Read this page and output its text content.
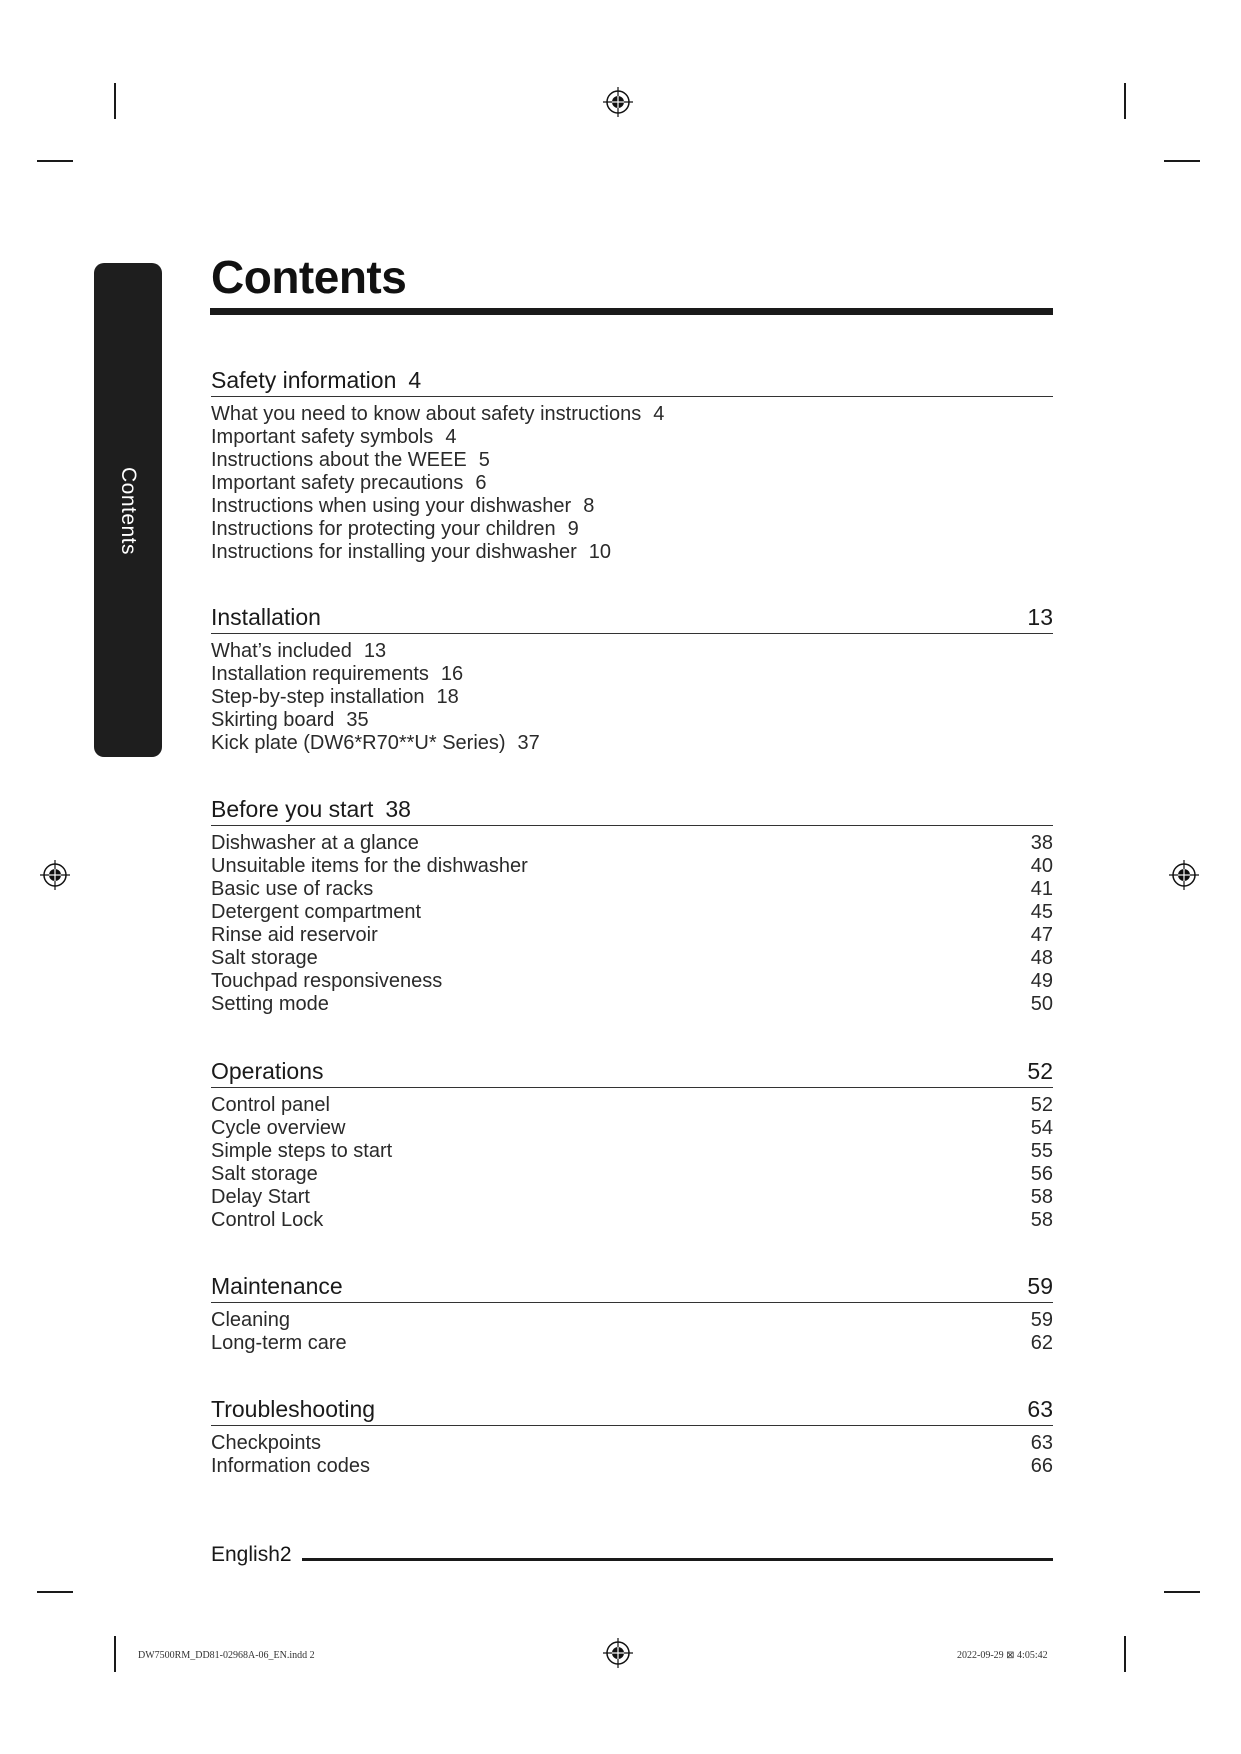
Contents
Contents
Safety information 4
What you need to know about safety instructions 4
Important safety symbols 4
Instructions about the WEEE 5
Important safety precautions 6
Instructions when using your dishwasher 8
Instructions for protecting your children 9
Instructions for installing your dishwasher 10
Installation	13
What’s included 13
Installation requirements 16
Step-by-step installation 18
Skirting board 35
Kick plate (DW6*R70**U* Series) 37
Before you start 38
Dishwasher at a glance	38
Unsuitable items for the dishwasher	40
Basic use of racks	41
Detergent compartment	45
Rinse aid reservoir	47
Salt storage	48
Touchpad responsiveness	49
Setting mode	50
Operations	52
Control panel	52
Cycle overview	54
Simple steps to start	55
Salt storage	56
Delay Start	58
Control Lock	58
Maintenance	59
Cleaning	59
Long-term care	62
Troubleshooting	63
Checkpoints	63
Information codes	66
English2
DW7500RM_DD81-02968A-06_EN.indd 2	2022-09-29 ⊠ 4:05:42
